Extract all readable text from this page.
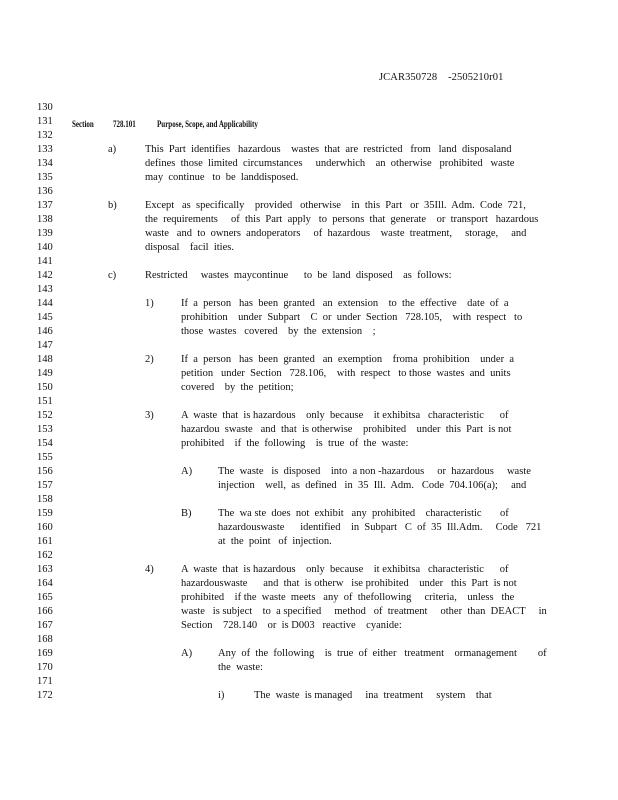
JCAR350728    -2505210r01
130
131
132
133
134
135
136
137
138
139
140
141
142
143
144
145
146
147
148
149
150
151
152
153
154
155
156
157
158
159
160
161
162
163
164
165
166
167
168
169
170
171
172
Section 728.101 Purpose, Scope, and Applicability
a)	This  Part  identifies   hazardous    wastes  that  are  restricted   from   land  disposaland
defines  those  limited  circumstances     underwhich    an  otherwise   prohibited   waste
may  continue   to  be  landdisposed.
b)	Except   as  specifically    provided   otherwise    in  this  Part   or  35Ill.  Adm.  Code  721,
the  requirements     of  this  Part  apply   to  persons  that  generate    or  transport   hazardous
waste   and  to  owners  andoperators     of  hazardous    waste  treatment,     storage,     and
disposal    facil  ities.
c)	Restricted     wastes  maycontinue      to  be  land  disposed    as  follows:
1)	If  a  person   has  been  granted   an  extension    to  the  effective    date  of  a
prohibition    under  Subpart    C  or  under  Section   728.105,    with  respect   to
those  wastes   covered    by  the  extension    ;
2)	If  a  person   has  been  granted   an  exemption    froma  prohibition    under  a
petition   under  Section   728.106,    with  respect   to those  wastes  and  units
covered    by  the  petition;
3)	A  waste  that  is hazardous    only  because    it exhibitsa   characteristic      of
hazardou  swaste   and  that  is otherwise    prohibited    under  this  Part  is not
prohibited    if  the  following    is  true  of  the  waste:
A) The  waste   is  disposed    into  a non -hazardous     or  hazardous     waste
injection    well,  as  defined   in  35  Ill.  Adm.   Code  704.106(a);     and
B)	The  wa ste  does  not  exhibit   any  prohibited    characteristic       of
hazardouswaste      identified    in  Subpart   C  of  35  Ill.Adm.     Code   721
at  the  point   of  injection.
4)	A  waste  that  is hazardous    only  because    it exhibitsa   characteristic      of
hazardouswaste      and  that  is otherw   ise prohibited    under   this  Part  is not
prohibited    if the  waste  meets   any  of  thefollowing     criteria,    unless   the
waste   is subject    to  a specified     method   of  treatment     other  than  DEACT     in
Section    728.140    or  is D003   reactive    cyanide:
A) Any  of  the  following    is  true  of  either   treatment    ormanagement        of
the  waste:
i)	The  waste  is managed     ina  treatment     system    that
